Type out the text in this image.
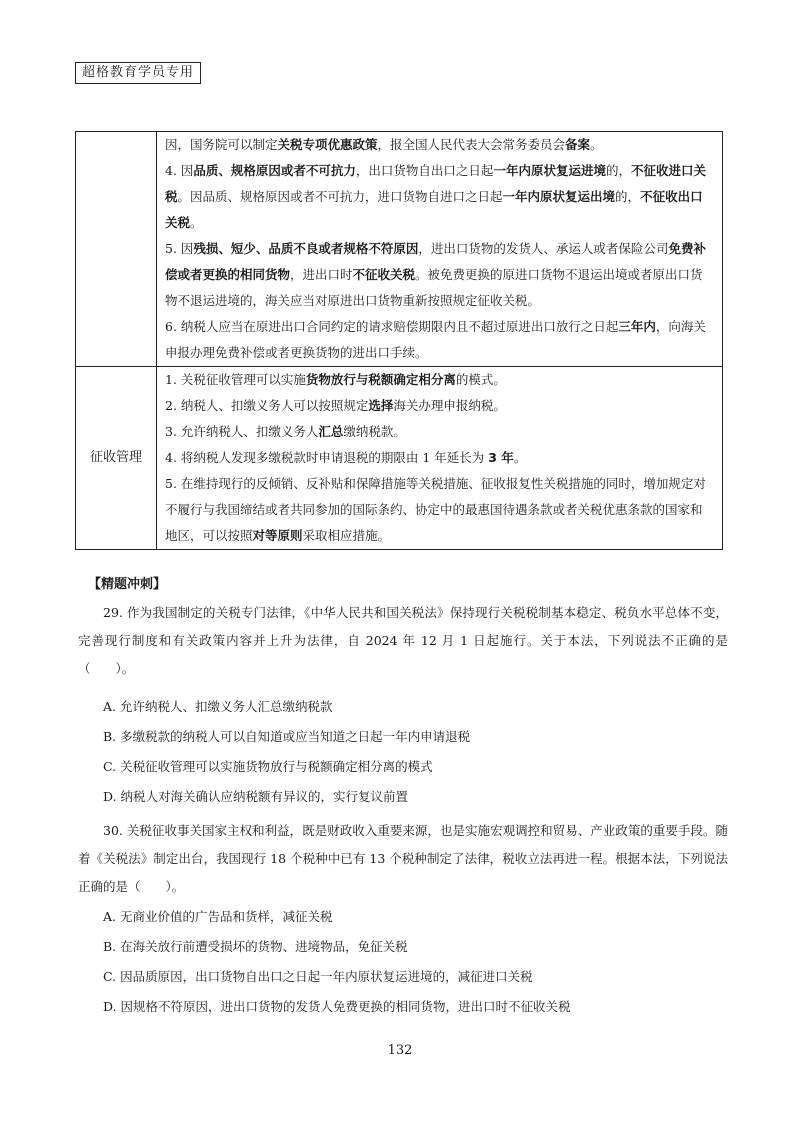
超格教育学员专用

	因，国务院可以制定关税专项优惠政策，报全国人民代表大会常务委员会备案。

4. 因品质、规格原因或者不可抗力，出口货物自出口之日起一年内原状复运进境的，不征收进口关税。因品质、规格原因或者不可抗力，进口货物自进口之日起一年内原状复运出境的，不征收出口关税。

5. 因残损、短少、品质不良或者规格不符原因，进出口货物的发货人、承运人或者保险公司免费补偿或者更换的相同货物，进出口时不征收关税。被免费更换的原进口货物不退运出境或者原出口货物不退运进境的，海关应当对原进出口货物重新按照规定征收关税。

6. 纳税人应当在原进出口合同约定的请求赔偿期限内且不超过原进出口放行之日起三年内，向海关申报办理免费补偿或者更换货物的进出口手续。

征收管理	1. 关税征收管理可以实施货物放行与税额确定相分离的模式。

2. 纳税人、扣缴义务人可以按照规定选择海关办理申报纳税。

3. 允许纳税人、扣缴义务人汇总缴纳税款。

4. 将纳税人发现多缴税款时申请退税的期限由 1 年延长为 3 年。

5. 在维持现行的反倾销、反补贴和保障措施等关税措施、征收报复性关税措施的同时，增加规定对不履行与我国缔结或者共同参加的国际条约、协定中的最惠国待遇条款或者关税优惠条款的国家和地区，可以按照对等原则采取相应措施。

【精题冲刺】

29. 作为我国制定的关税专门法律，《中华人民共和国关税法》保持现行关税税制基本稳定、税负水平总体不变，完善现行制度和有关政策内容并上升为法律，自 2024 年 12 月 1 日起施行。关于本法，下列说法不正确的是（　　）。

A. 允许纳税人、扣缴义务人汇总缴纳税款
B. 多缴税款的纳税人可以自知道或应当知道之日起一年内申请退税
C. 关税征收管理可以实施货物放行与税额确定相分离的模式
D. 纳税人对海关确认应纳税额有异议的，实行复议前置

30. 关税征收事关国家主权和利益，既是财政收入重要来源，也是实施宏观调控和贸易、产业政策的重要手段。随着《关税法》制定出台，我国现行 18 个税种中已有 13 个税种制定了法律，税收立法再进一程。根据本法，下列说法正确的是（　　）。

A. 无商业价值的广告品和货样，减征关税
B. 在海关放行前遭受损坏的货物、进境物品，免征关税
C. 因品质原因，出口货物自出口之日起一年内原状复运进境的，减征进口关税
D. 因规格不符原因，进出口货物的发货人免费更换的相同货物，进出口时不征收关税
132
